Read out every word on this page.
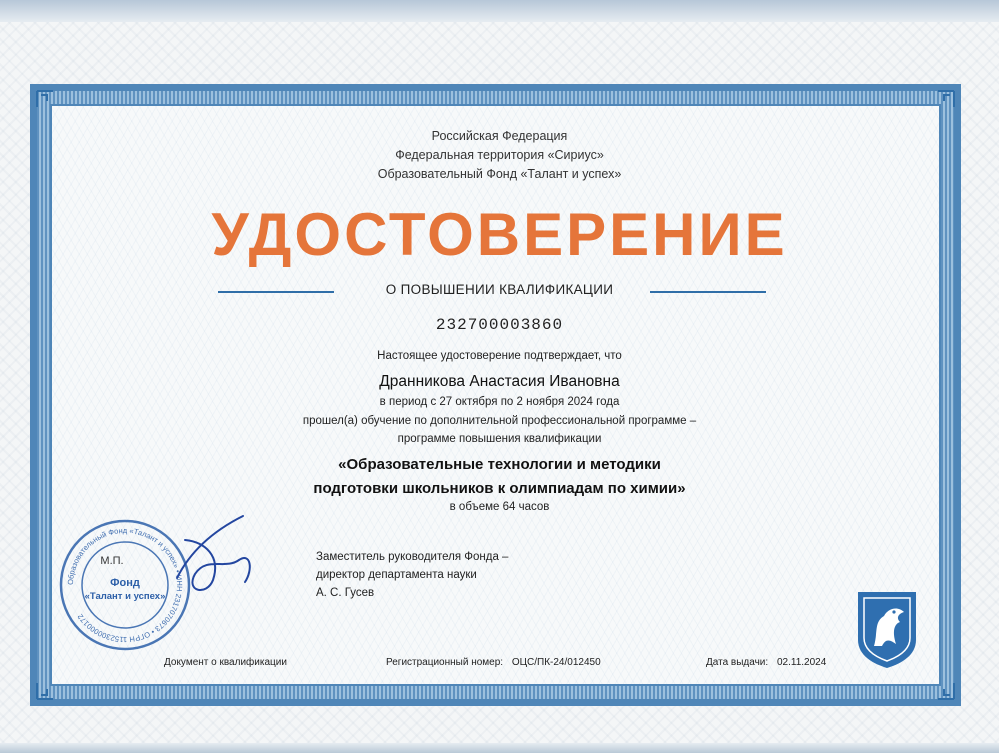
Российская Федерация
Федеральная территория «Сириус»
Образовательный Фонд «Талант и успех»
УДОСТОВЕРЕНИЕ
О ПОВЫШЕНИИ КВАЛИФИКАЦИИ
232700003860
Настоящее удостоверение подтверждает, что
Дранникова Анастасия Ивановна
в период с 27 октября по 2 ноября 2024 года
прошел(а) обучение по дополнительной профессиональной программе –
программе повышения квалификации
«Образовательные технологии и методики
подготовки школьников к олимпиадам по химии»
в объеме 64 часов
Заместитель руководителя Фонда –
директор департамента науки
А. С. Гусев
Образовательный Фонд «Талант и успех» • ИНН 2317070673 • ОГРН 1152300000172
М.П.
Фонд
«Талант и успех»
Документ о квалификации	Регистрационный номер: ОЦС/ПК-24/012450	Дата выдачи: 02.11.2024
